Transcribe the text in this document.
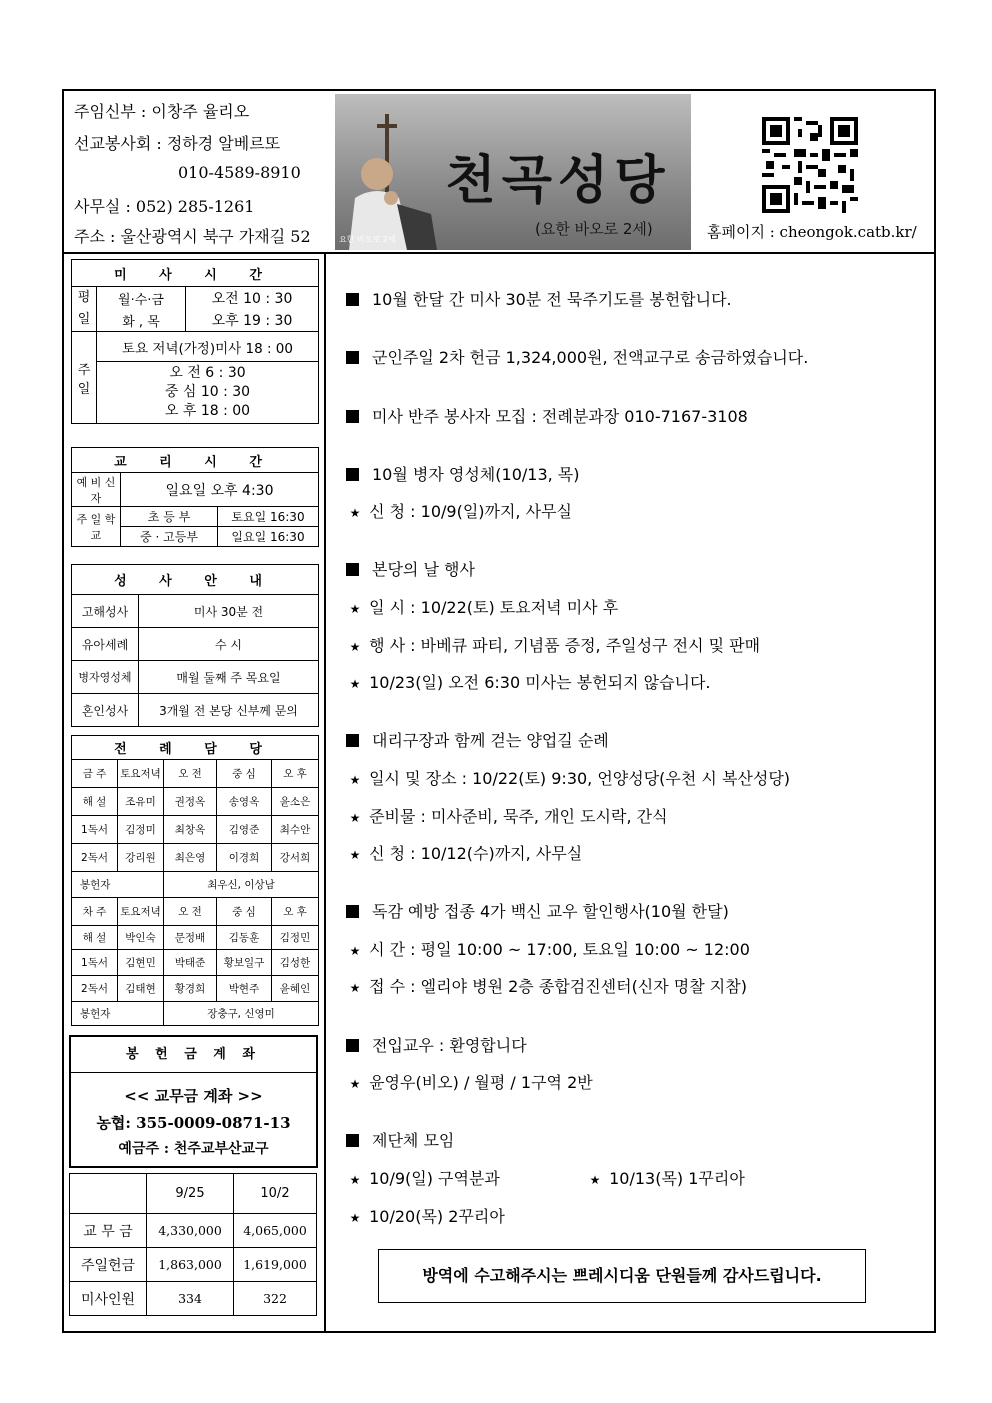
주임신부 : 이창주 율리오
선교봉사회 : 정하경 알베르또
010-4589-8910
사무실 : 052) 285-1261
주소 : 울산광역시 북구 가재길 52
천곡성당
(요한 바오로 2세)
요한 바오로 2세	홈페이지 : cheongok.catb.kr/
미 사 시 간		
평일	월·수·금	오전 10 : 30
	화 , 목	오후 19 : 30
주일	토요 저녁(가정)미사 18 : 00	

	오 전 6 : 30
중 심 10 : 30
오 후 18 : 00	
교 리 시 간		
예 비 신 자	일요일 오후 4:30	
주 일 학 교	초 등 부	토요일 16:30
	중 · 고등부	일요일 16:30
성 사 안 내	
고해성사	미사 30분 전
유아세례	수 시
병자영성체	매월 둘째 주 목요일
혼인성사	3개월 전 본당 신부께 문의
전 례 담 당				
금 주	토요저녁	오 전	중 심	오 후
해 설	조유미	권정옥	송영옥	윤소은
1독서	김정미	최창옥	김영준	최수안
2독서	강리원	최은영	이경희	강서희
봉헌자		최우신, 이상남		
차 주	토요저녁	오 전	중 심	오 후
해 설	박인숙	문정배	김동훈	김정민
1독서	김현민	박태준	황보일구	김성한
2독서	김태현	황경희	박현주	윤혜인
봉헌자		장충구, 신영미		
봉 헌 금 계 좌
<< 교무금 계좌 >>
농협: 355-0009-0871-13
예금주 : 천주교부산교구
	9/25	10/2
교 무 금	4,330,000	4,065,000
주일헌금	1,863,000	1,619,000
미사인원	334	322
10월 한달 간 미사 30분 전 묵주기도를 봉헌합니다.
군인주일 2차 헌금 1,324,000원, 전액교구로 송금하였습니다.
미사 반주 봉사자 모집 : 전례분과장 010-7167-3108
10월 병자 영성체(10/13, 목)
★ 신 청 : 10/9(일)까지, 사무실
본당의 날 행사
★ 일 시 : 10/22(토) 토요저녁 미사 후
★ 행 사 : 바베큐 파티, 기념품 증정, 주일성구 전시 및 판매
★ 10/23(일) 오전 6:30 미사는 봉헌되지 않습니다.
대리구장과 함께 걷는 양업길 순례
★ 일시 및 장소 : 10/22(토) 9:30, 언양성당(우천 시 복산성당)
★ 준비물 : 미사준비, 묵주, 개인 도시락, 간식
★ 신 청 : 10/12(수)까지, 사무실
독감 예방 접종 4가 백신 교우 할인행사(10월 한달)
★ 시 간 : 평일 10:00 ~ 17:00, 토요일 10:00 ~ 12:00
★ 접 수 : 엘리야 병원 2층 종합검진센터(신자 명찰 지참)
전입교우 : 환영합니다
★ 윤영우(비오) / 월평 / 1구역 2반
제단체 모임
★ 10/9(일) 구역분과	★ 10/13(목) 1꾸리아
★ 10/20(목) 2꾸리아
방역에 수고해주시는 쁘레시디움 단원들께 감사드립니다.
